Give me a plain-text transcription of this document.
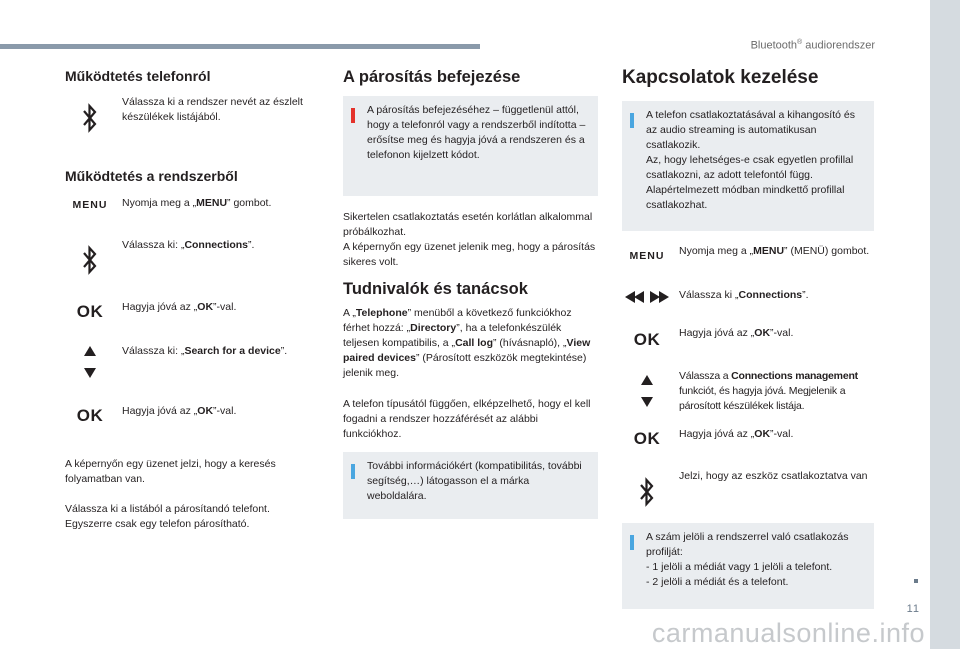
Bluetooth® audiorendszer
11
carmanualsonline.info
Működtetés telefonról
Válassza ki a rendszer nevét az észlelt készülékek listájából.
Működtetés a rendszerből
MENU Nyomja meg a „MENU” gombot.
Válassza ki: „Connections”.
OK Hagyja jóvá az „OK”-val.
Válassza ki: „Search for a device”.
OK Hagyja jóvá az „OK”-val.
A képernyőn egy üzenet jelzi, hogy a keresés folyamatban van.
Válassza ki a listából a párosítandó telefont. Egyszerre csak egy telefon párosítható.
A párosítás befejezése
A párosítás befejezéséhez – függetlenül attól, hogy a telefonról vagy a rendszerből indította – erősítse meg és hagyja jóvá a rendszeren és a telefonon kijelzett kódot.
Sikertelen csatlakoztatás esetén korlátlan alkalommal próbálkozhat.
A képernyőn egy üzenet jelenik meg, hogy a párosítás sikeres volt.
Tudnivalók és tanácsok
A „Telephone” menüből a következő funkciókhoz férhet hozzá: „Directory”, ha a telefonkészülék teljesen kompatibilis, a „Call log” (hívásnapló), „View paired devices” (Párosított eszközök megtekintése) jelenik meg.
A telefon típusától függően, elképzelhető, hogy el kell fogadni a rendszer hozzáférését az alábbi funkciókhoz.
További információkért (kompatibilitás, további segítség,…) látogasson el a márka weboldalára.
Kapcsolatok kezelése
A telefon csatlakoztatásával a kihangosító és az audio streaming is automatikusan csatlakozik.
Az, hogy lehetséges-e csak egyetlen profillal csatlakozni, az adott telefontól függ. Alapértelmezett módban mindkettő profillal csatlakozhat.
MENU Nyomja meg a „MENU” (MENÜ) gombot.
Válassza ki „Connections”.
OK Hagyja jóvá az „OK”-val.
Válassza a Connections management funkciót, és hagyja jóvá. Megjelenik a párosított készülékek listája.
OK Hagyja jóvá az „OK”-val.
Jelzi, hogy az eszköz csatlakoztatva van
A szám jelöli a rendszerrel való csatlakozás profilját:
- 1 jelöli a médiát vagy 1 jelöli a telefont.
- 2 jelöli a médiát és a telefont.
